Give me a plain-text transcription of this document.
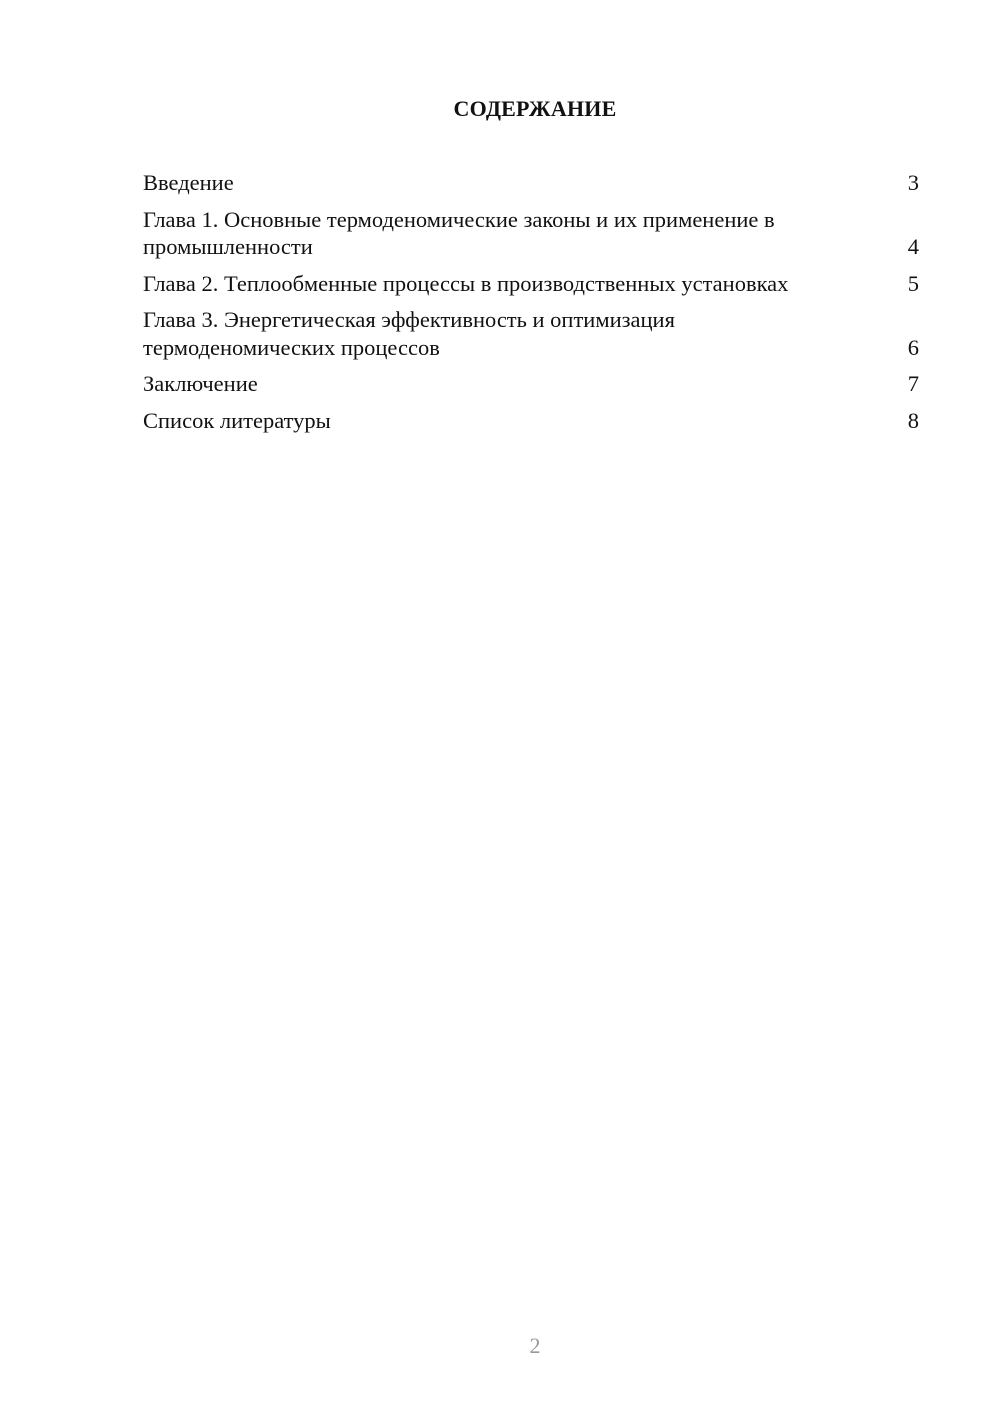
СОДЕРЖАНИЕ
Введение	3
Глава 1. Основные термоденомические законы и их применение в промышленности	4
Глава 2. Теплообменные процессы в производственных установках	5
Глава 3. Энергетическая эффективность и оптимизация термоденомических процессов	6
Заключение	7
Список литературы	8
2
